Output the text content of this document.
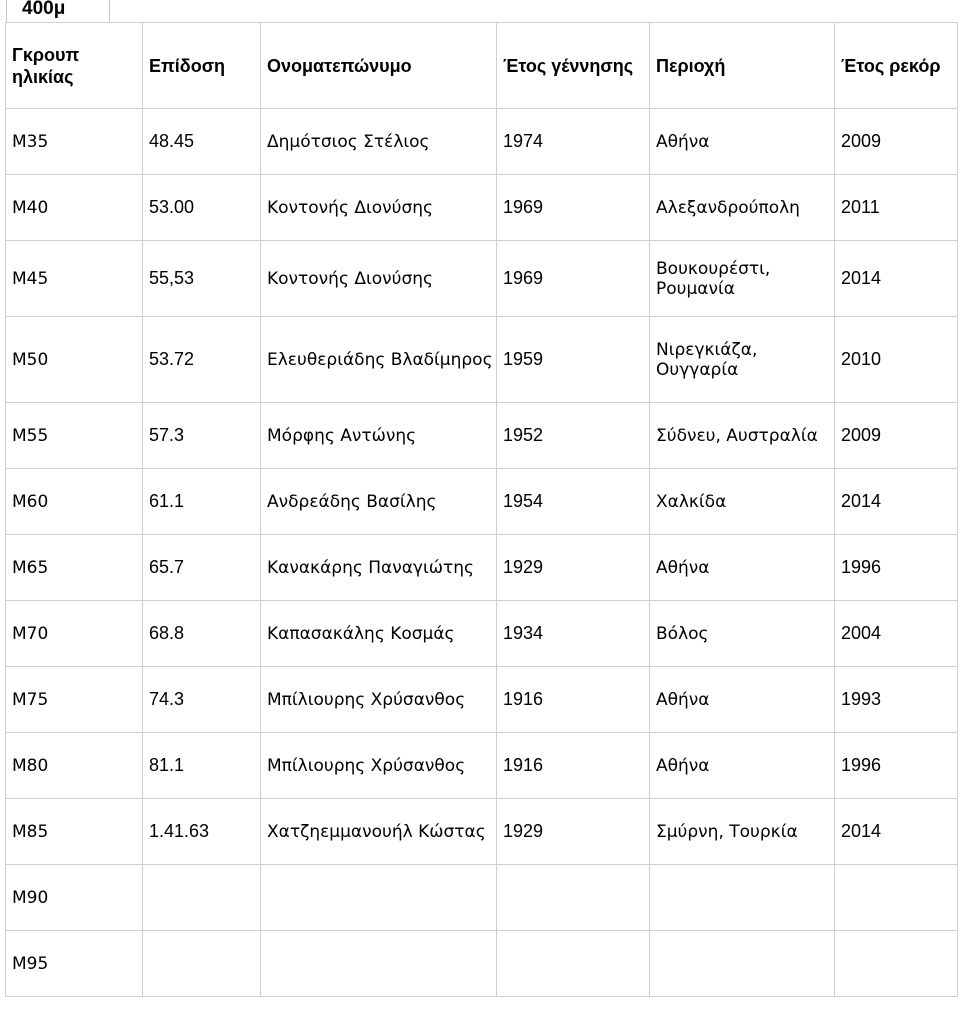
400μ
Γκρουπ ηλικίας	Επίδοση	Ονοματεπώνυμο	Έτος γέννησης	Περιοχή	Έτος ρεκόρ
Μ35	48.45	Δημότσιος Στέλιος	1974	Αθήνα	2009
Μ40	53.00	Κοντονής Διονύσης	1969	Αλεξανδρούπολη	2011
Μ45	55,53	Κοντονής Διονύσης	1969	Βουκουρέστι, Ρουμανία	2014
Μ50	53.72	Ελευθεριάδης Βλαδίμηρος	1959	Νιρεγκιάζα, Ουγγαρία	2010
Μ55	57.3	Μόρφης Αντώνης	1952	Σύδνευ, Αυστραλία	2009
Μ60	61.1	Ανδρεάδης Βασίλης	1954	Χαλκίδα	2014
Μ65	65.7	Κανακάρης Παναγιώτης	1929	Αθήνα	1996
Μ70	68.8	Καπασακάλης Κοσμάς	1934	Βόλος	2004
Μ75	74.3	Μπίλιουρης Χρύσανθος	1916	Αθήνα	1993
Μ80	81.1	Μπίλιουρης Χρύσανθος	1916	Αθήνα	1996
Μ85	1.41.63	Χατζηεμμανουήλ Κώστας	1929	Σμύρνη, Τουρκία	2014
Μ90					
Μ95					
